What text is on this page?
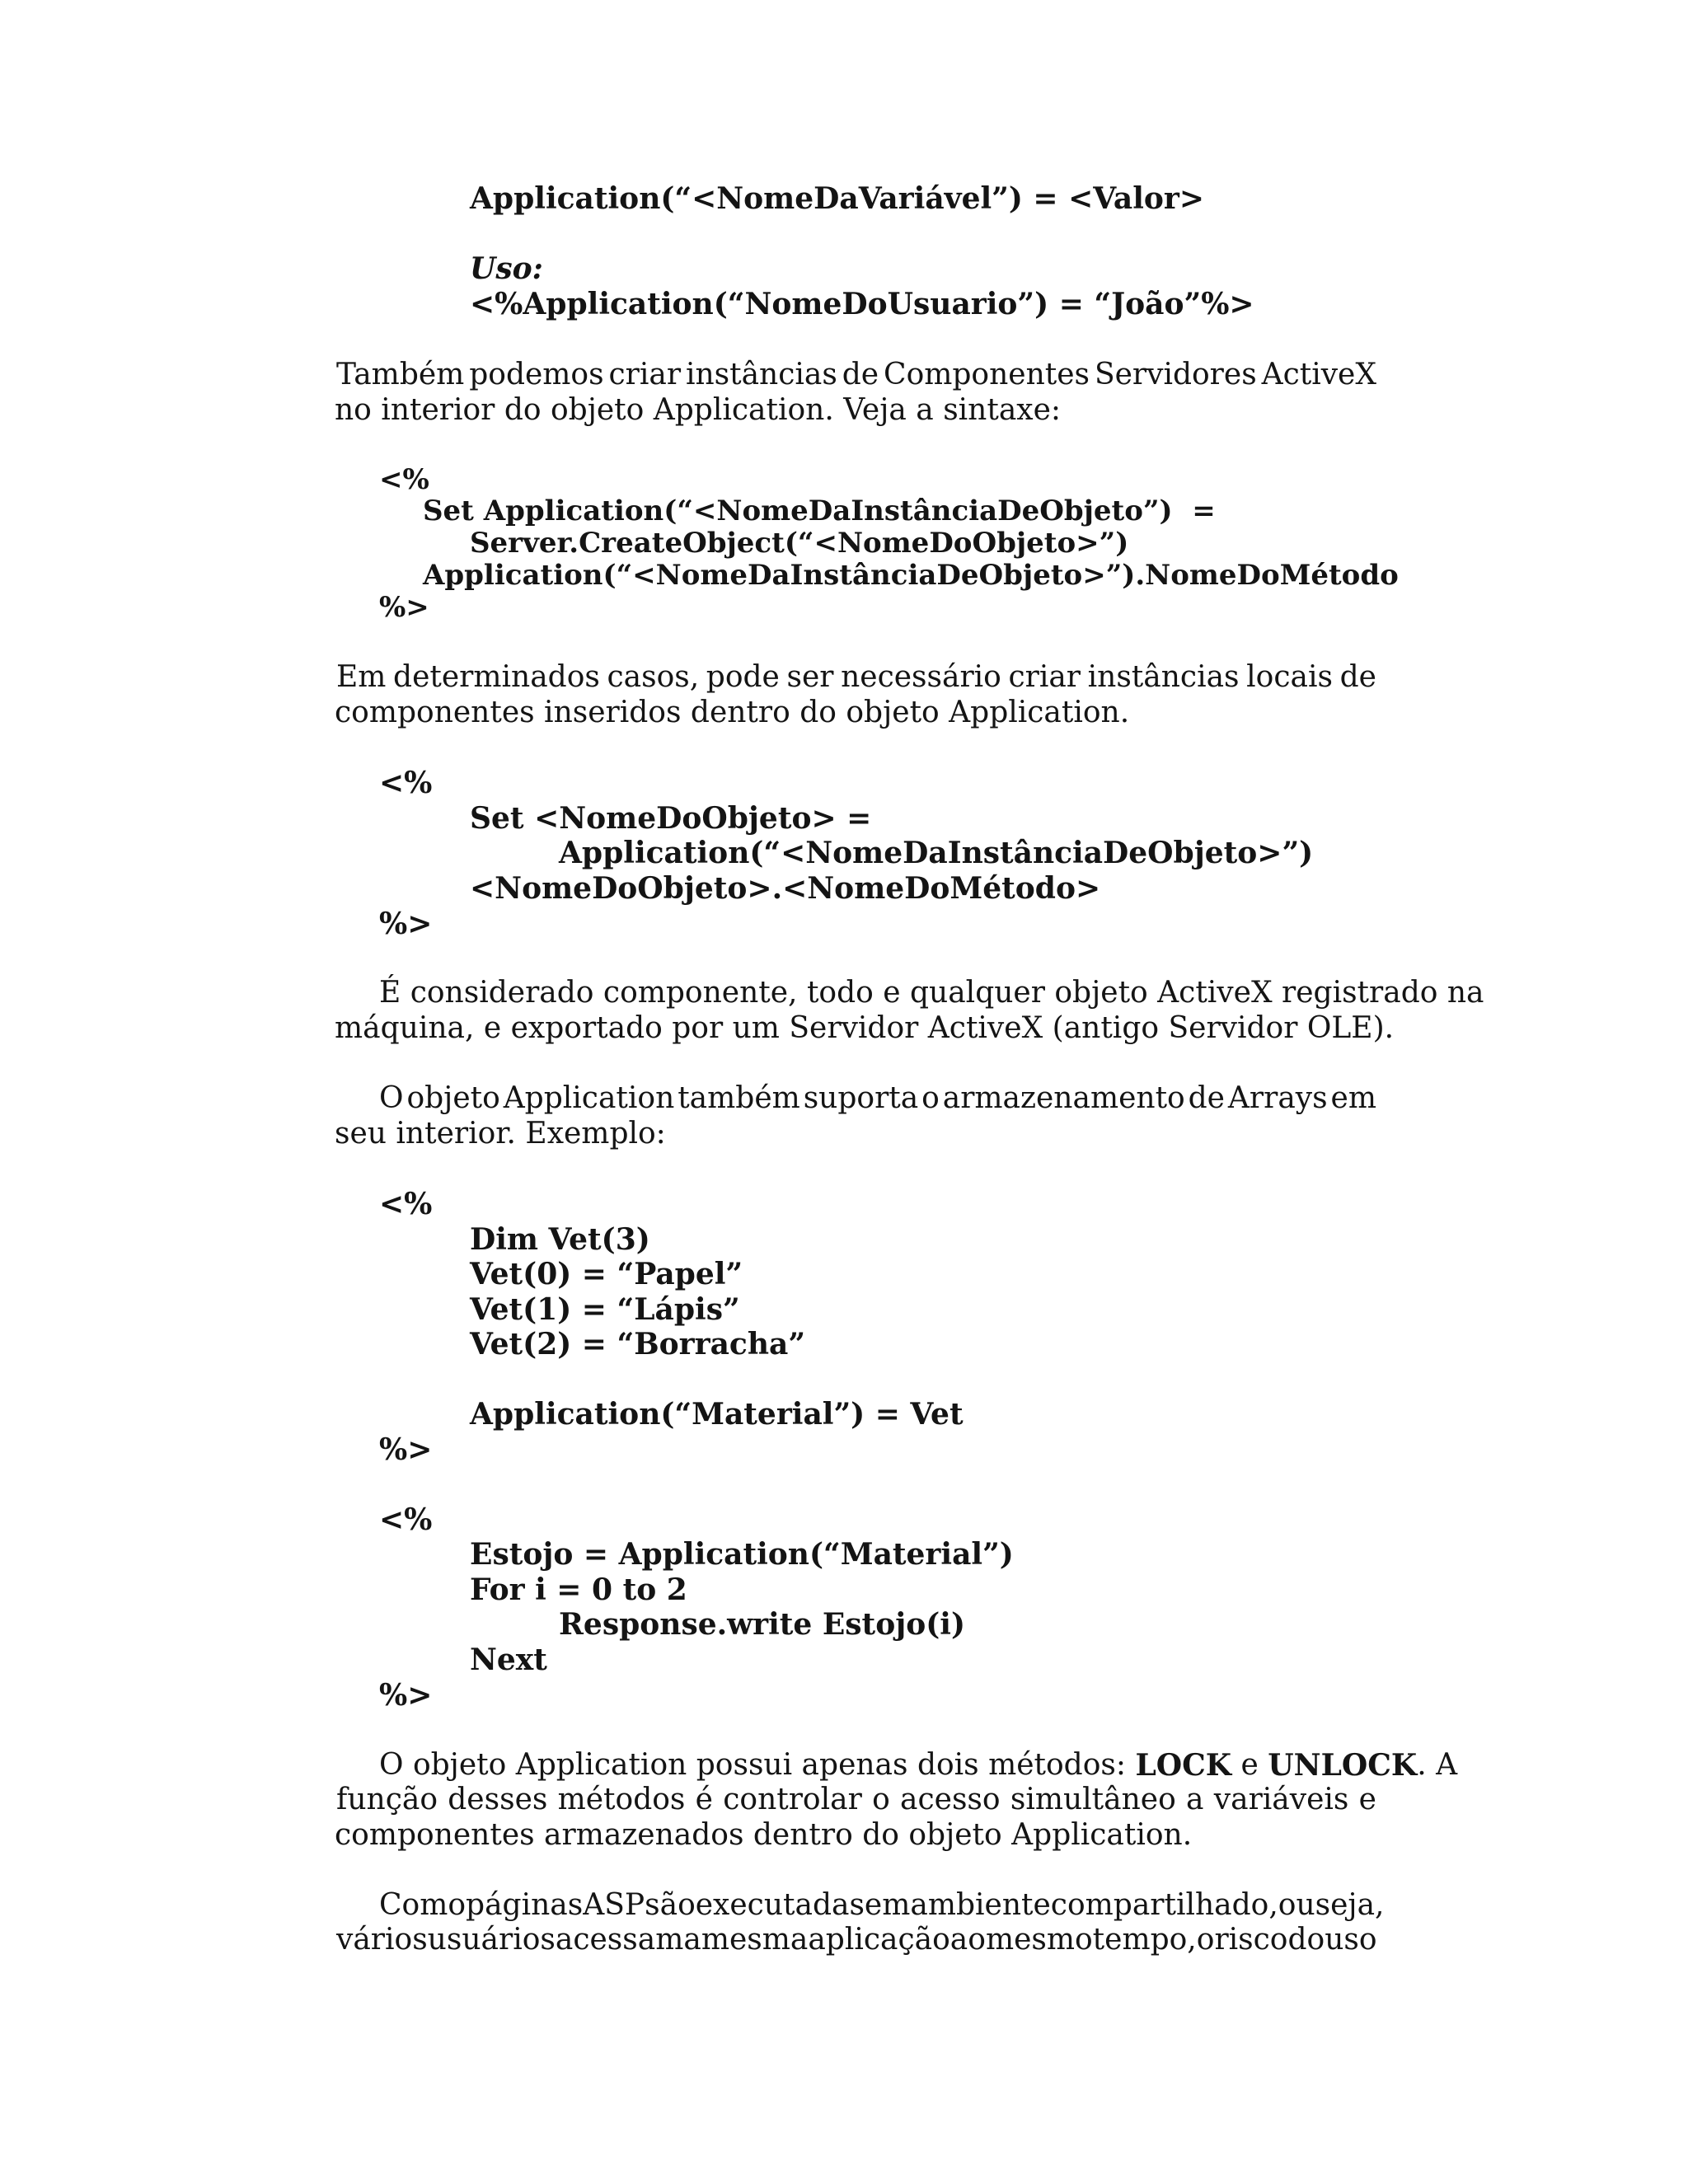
Application(“<NomeDaVariável”) = <Valor>
Uso:
<%Application(“NomeDoUsuario”) = “João”%>
Também podemos criar instâncias de Componentes Servidores ActiveX
no interior do objeto Application. Veja a sintaxe:
<%
Set Application(“<NomeDaInstânciaDeObjeto”)  =
Server.CreateObject(“<NomeDoObjeto>”)
Application(“<NomeDaInstânciaDeObjeto>”).NomeDoMétodo
%>
Em determinados casos, pode ser necessário criar instâncias locais de
componentes inseridos dentro do objeto Application.
<%
Set <NomeDoObjeto> =
Application(“<NomeDaInstânciaDeObjeto>”)
<NomeDoObjeto>.<NomeDoMétodo>
%>
É considerado componente, todo e qualquer objeto ActiveX registrado na
máquina, e exportado por um Servidor ActiveX (antigo Servidor OLE).
O objeto Application também suporta o armazenamento de Arrays em
seu interior. Exemplo:
<%
Dim Vet(3)
Vet(0) = “Papel”
Vet(1) = “Lápis”
Vet(2) = “Borracha”
Application(“Material”) = Vet
%>
<%
Estojo = Application(“Material”)
For i = 0 to 2
Response.write Estojo(i)
Next
%>
O objeto Application possui apenas dois métodos: LOCK e UNLOCK . A
função desses métodos é controlar o acesso simultâneo a variáveis e
componentes armazenados dentro do objeto Application.
Como páginas ASP são executadas em ambiente compartilhado, ou seja,
vários usuários acessam a mesma aplicação ao mesmo tempo, o risco do uso
